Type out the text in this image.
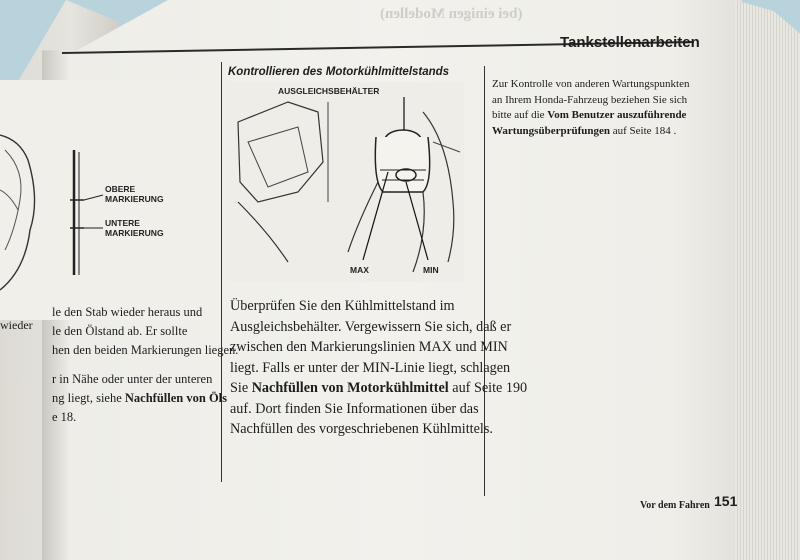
(bei einigen Modellen)
Tankstellenarbeiten
OBERE
MARKIERUNG
UNTERE
MARKIERUNG
wieder
le den Stab wieder heraus und
le den Ölstand ab. Er sollte
hen den beiden Markierungen liegen.
r in Nähe oder unter der unteren
ng liegt, siehe Nachfüllen von Öls
e 18.
Kontrollieren des Motorkühlmittelstands
AUSGLEICHSBEHÄLTER
MAX	MIN
Überprüfen Sie den Kühlmittelstand im Ausgleichsbehälter. Vergewissern Sie sich, daß er zwischen den Markierungslinien MAX und MIN liegt. Falls er unter der MIN-Linie liegt, schlagen Sie Nachfüllen von Motorkühlmittel auf Seite 190 auf. Dort finden Sie Informationen über das Nachfüllen des vorgeschriebenen Kühlmittels.
Zur Kontrolle von anderen Wartungspunkten an Ihrem Honda-Fahrzeug beziehen Sie sich bitte auf die Vom Benutzer auszuführende Wartungsüberprüfungen auf Seite 184 .
Vor dem Fahren 151
